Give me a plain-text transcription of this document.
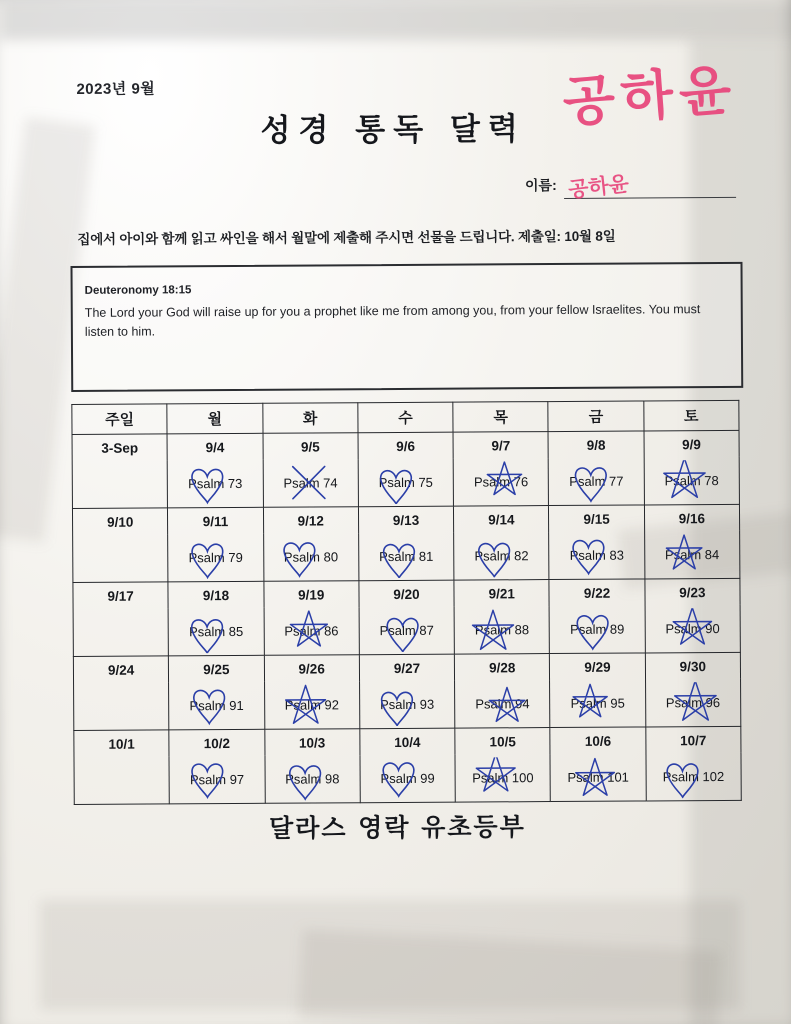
2023년 9월
성경 통독 달력
이름:
공하윤
공하윤
집에서 아이와 함께 읽고 싸인을 해서 월말에 제출해 주시면 선물을 드립니다. 제출일: 10월 8일
Deuteronomy 18:15
The Lord your God will raise up for you a prophet like me from among you, from your fellow Israelites. You must listen to him.
주일	월	화	수	목	금	토
3-Sep	9/4	9/5	9/6	9/7	9/8	9/9
	Psalm 73	Psalm 74	Psalm 75	Psalm 76	Psalm 77	Psalm 78

9/10	9/11	9/12	9/13	9/14	9/15	9/16
	Psalm 79	Psalm 80	Psalm 81	Psalm 82	Psalm 83	Psalm 84

9/17	9/18	9/19	9/20	9/21	9/22	9/23
	Psalm 85	Psalm 86	Psalm 87	Psalm 88	Psalm 89	Psalm 90

9/24	9/25	9/26	9/27	9/28	9/29	9/30
	Psalm 91	Psalm 92	Psalm 93	Psalm 94	Psalm 95	Psalm 96

10/1	10/2	10/3	10/4	10/5	10/6	10/7
	Psalm 97	Psalm 98	Psalm 99	Psalm 100	Psalm 101	Psalm 102
달라스 영락 유초등부
